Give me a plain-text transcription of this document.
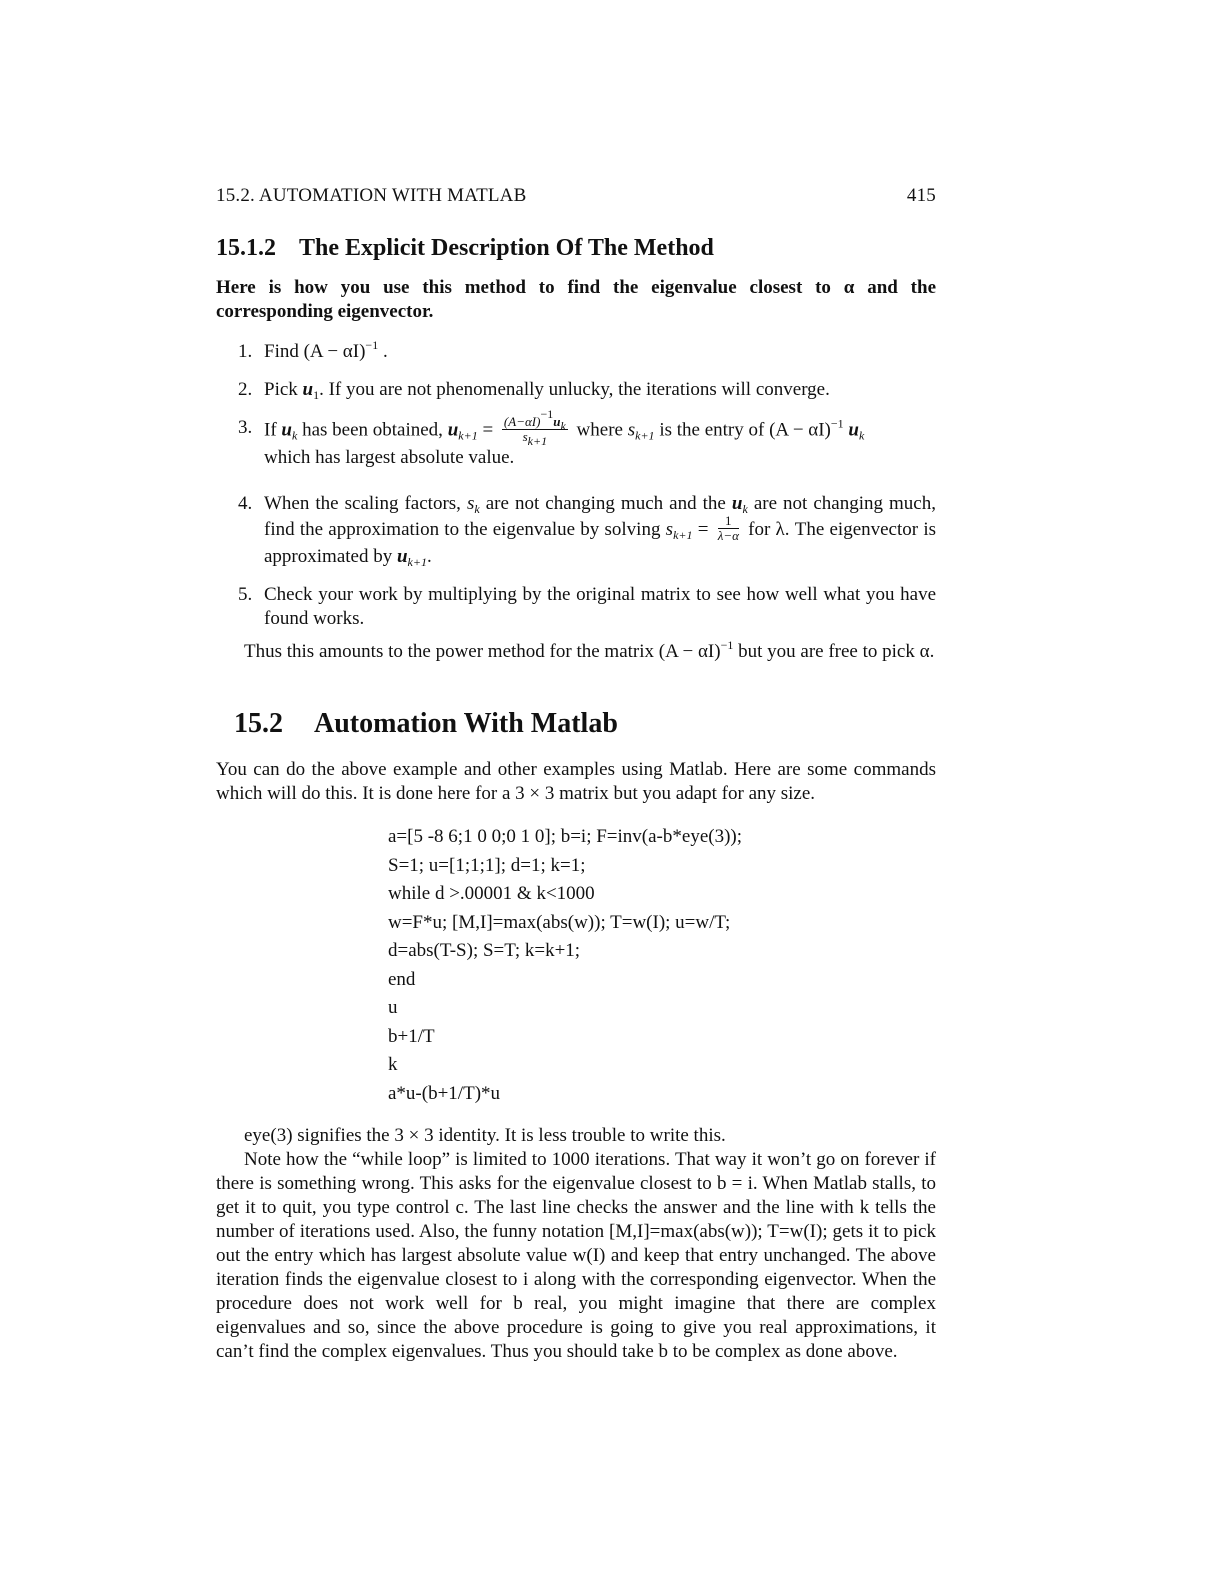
15.2. AUTOMATION WITH MATLAB	415
15.1.2 The Explicit Description Of The Method
Here is how you use this method to find the eigenvalue closest to α and the corresponding eigenvector.
1. Find $(A - \alpha I)^{-1}$ .
2. Pick $u_1$. If you are not phenomenally unlucky, the iterations will converge.
3. If $u_k$ has been obtained, $u_{k+1} = \frac{(A-\alpha I)^{-1}u_k}{s_{k+1}}$ where $s_{k+1}$ is the entry of $(A - \alpha I)^{-1}$ $u_k$
which has largest absolute value.
4. When the scaling factors, $s_k$ are not changing much and the $u_k$ are not changing much, find the approximation to the eigenvalue by solving $s_{k+1} = \frac{1}{\lambda-\alpha}$ for λ. The eigenvector is approximated by $u_{k+1}$.
5. Check your work by multiplying by the original matrix to see how well what you have found works.
Thus this amounts to the power method for the matrix $(A - \alpha I)^{-1}$ but you are free to pick α.
15.2 Automation With Matlab
You can do the above example and other examples using Matlab. Here are some commands which will do this. It is done here for a 3 × 3 matrix but you adapt for any size.
a=[5 -8 6;1 0 0;0 1 0]; b=i; F=inv(a-b*eye(3));
S=1; u=[1;1;1]; d=1; k=1;
while d >.00001 & k<1000
w=F*u; [M,I]=max(abs(w)); T=w(I); u=w/T;
d=abs(T-S); S=T; k=k+1;
end
u
b+1/T
k
a*u-(b+1/T)*u

eye(3) signifies the 3 × 3 identity. It is less trouble to write this.

Note how the “while loop” is limited to 1000 iterations. That way it won’t go on forever if there is something wrong. This asks for the eigenvalue closest to b = i. When Matlab stalls, to get it to quit, you type control c. The last line checks the answer and the line with k tells the number of iterations used. Also, the funny notation [M,I]=max(abs(w)); T=w(I); gets it to pick out the entry which has largest absolute value w(I) and keep that entry unchanged. The above iteration finds the eigenvalue closest to i along with the corresponding eigenvector. When the procedure does not work well for b real, you might imagine that there are complex eigenvalues and so, since the above procedure is going to give you real approximations, it can’t find the complex eigenvalues. Thus you should take b to be complex as done above.
